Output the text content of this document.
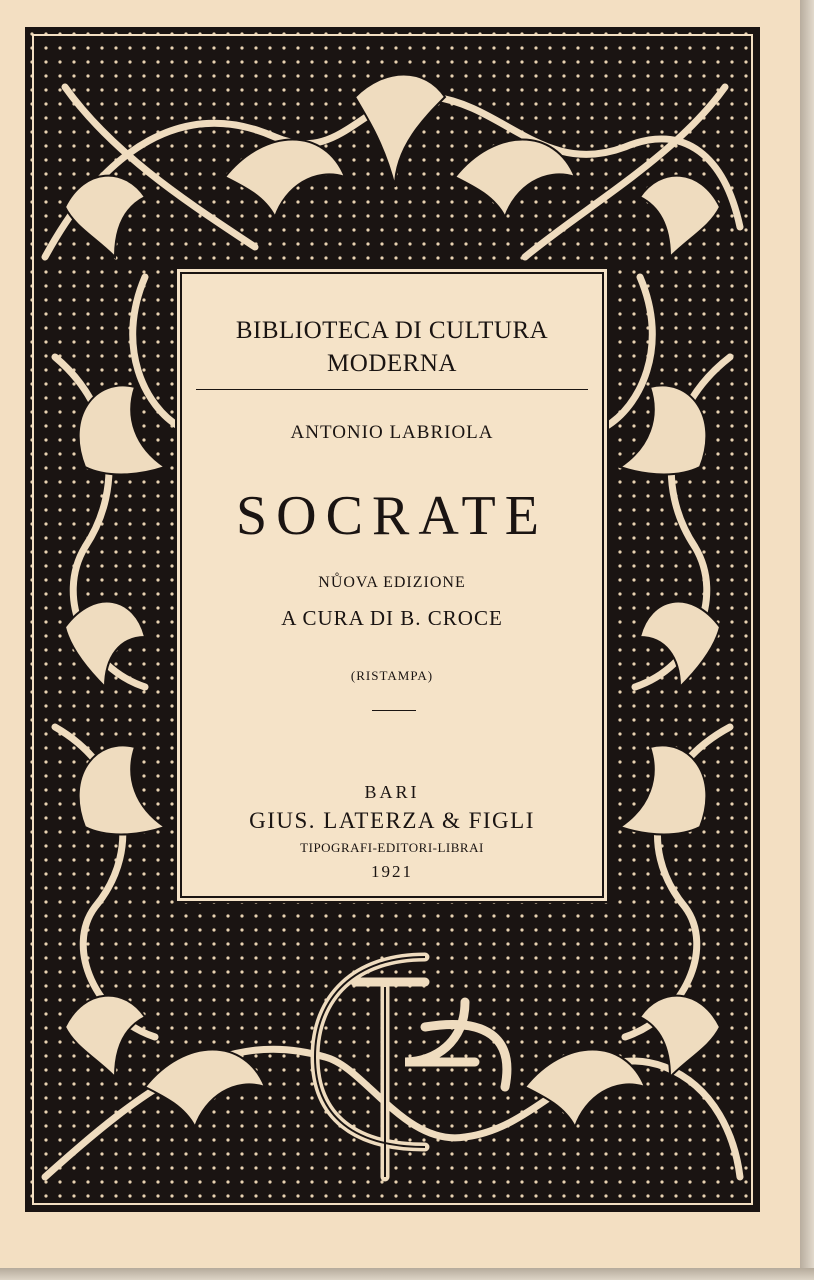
BIBLIOTECA DI CULTURA
MODERNA
ANTONIO LABRIOLA
SOCRATE
NŮOVA EDIZIONE
A CURA DI B. CROCE
(RISTAMPA)
BARI
GIUS. LATERZA & FIGLI
TIPOGRAFI-EDITORI-LIBRAI
1921
